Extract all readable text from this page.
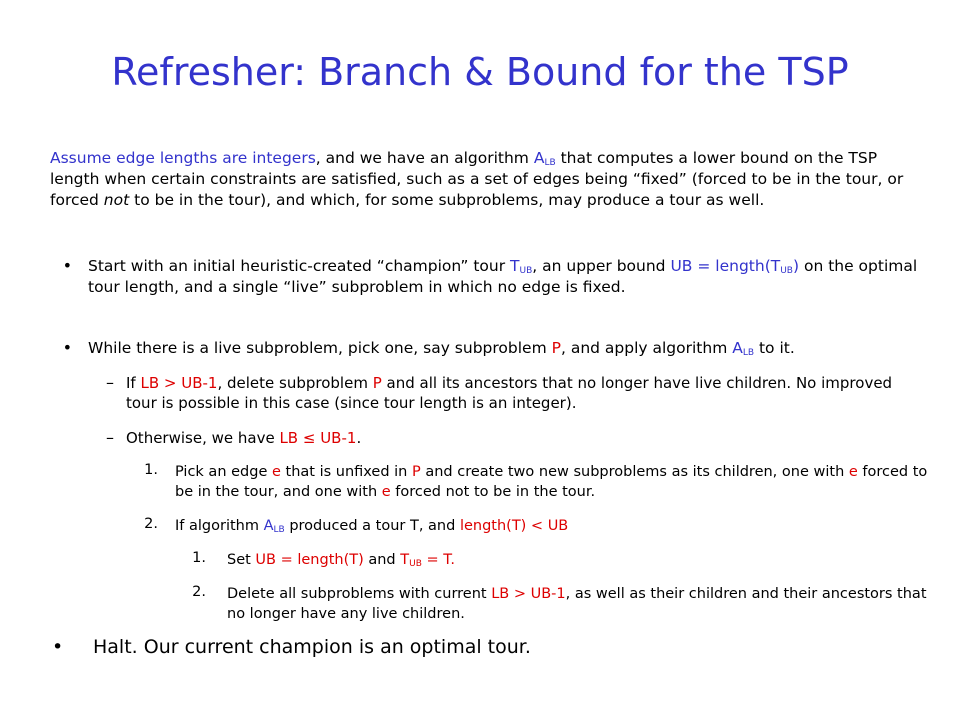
Refresher: Branch & Bound for the TSP
Assume edge lengths are integers, and we have an algorithm $A_{LB}$ that computes a lower bound on the TSP length when certain constraints are satisfied, such as a set of edges being “fixed” (forced to be in the tour, or forced not to be in the tour), and which, for some subproblems, may produce a tour as well.
• Start with an initial heuristic-created “champion” tour $T_{UB}$, an upper bound UB = $length(T_{UB})$ on the optimal tour length, and a single “live” subproblem in which no edge is fixed.
• While there is a live subproblem, pick one, say subproblem P, and apply algorithm $A_{LB}$ to it.
– If LB > UB-1, delete subproblem P and all its ancestors that no longer have live children. No improved tour is possible in this case (since tour length is an integer).
– Otherwise, we have LB ≤ UB-1.
1. Pick an edge e that is unfixed in P and create two new subproblems as its children, one with e forced to be in the tour, and one with e forced not to be in the tour.
2. If algorithm $A_{LB}$ produced a tour T, and length(T) < UB
1. Set UB = length(T) and $T_{UB} = T$.
2. Delete all subproblems with current LB > UB-1, as well as their children and their ancestors that no longer have any live children.
• Halt. Our current champion is an optimal tour.
